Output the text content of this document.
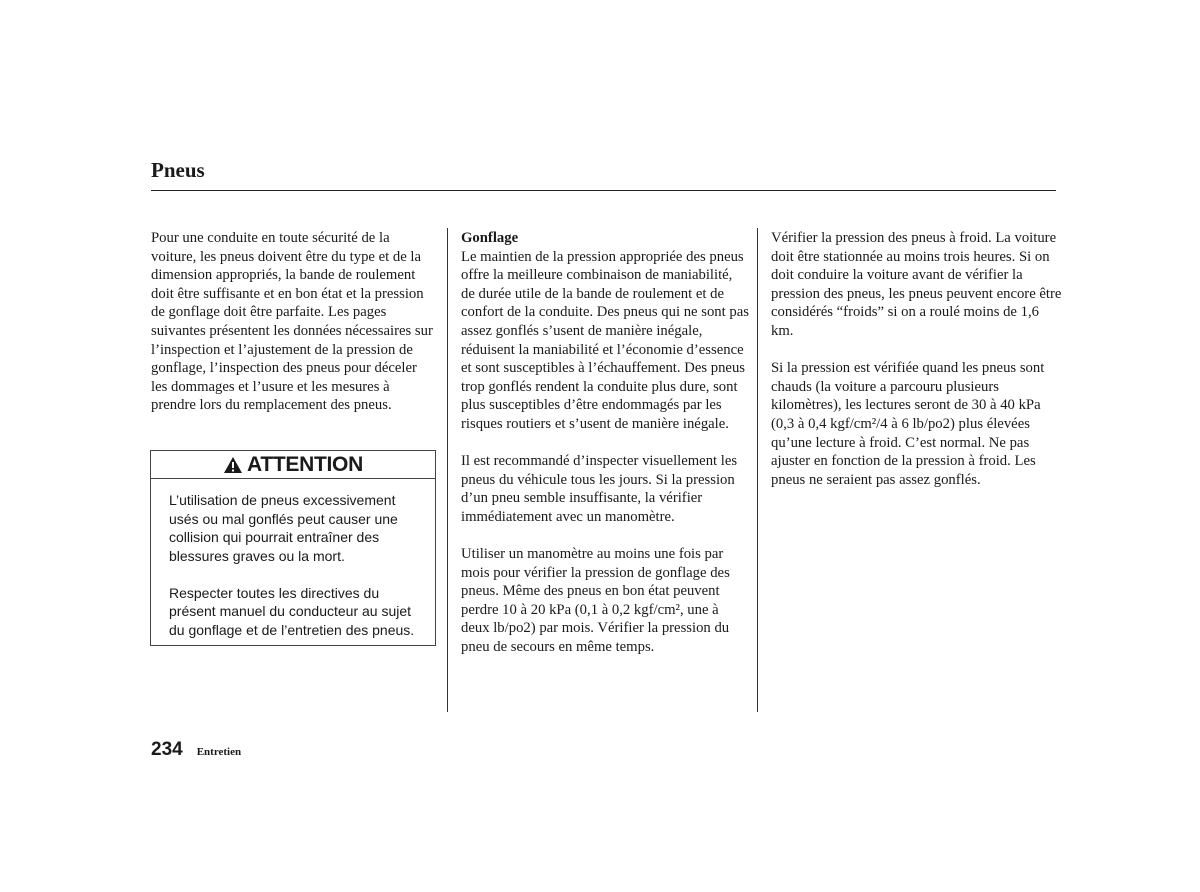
Pneus

Pour une conduite en toute sécurité de la voiture, les pneus doivent être du type et de la dimension appropriés, la bande de roulement doit être suffisante et en bon état et la pression de gonflage doit être parfaite. Les pages suivantes présentent les données nécessaires sur l’inspection et l’ajustement de la pression de gonflage, l’inspection des pneus pour déceler les dommages et l’usure et les mesures à prendre lors du remplacement des pneus.

ATTENTION

L’utilisation de pneus excessivement usés ou mal gonflés peut causer une collision qui pourrait entraîner des blessures graves ou la mort.

Respecter toutes les directives du présent manuel du conducteur au sujet du gonflage et de l’entretien des pneus.

Gonflage

Le maintien de la pression appropriée des pneus offre la meilleure combinaison de maniabilité, de durée utile de la bande de roulement et de confort de la conduite. Des pneus qui ne sont pas assez gonflés s’usent de manière inégale, réduisent la maniabilité et l’économie d’essence et sont susceptibles à l’échauffement. Des pneus trop gonflés rendent la conduite plus dure, sont plus susceptibles d’être endommagés par les risques routiers et s’usent de manière inégale.

Il est recommandé d’inspecter visuellement les pneus du véhicule tous les jours. Si la pression d’un pneu semble insuffisante, la vérifier immédiatement avec un manomètre.

Utiliser un manomètre au moins une fois par mois pour vérifier la pression de gonflage des pneus. Même des pneus en bon état peuvent perdre 10 à 20 kPa (0,1 à 0,2 kgf/cm², une à deux lb/po2) par mois. Vérifier la pression du pneu de secours en même temps.

Vérifier la pression des pneus à froid. La voiture doit être stationnée au moins trois heures. Si on doit conduire la voiture avant de vérifier la pression des pneus, les pneus peuvent encore être considérés “froids” si on a roulé moins de 1,6 km.

Si la pression est vérifiée quand les pneus sont chauds (la voiture a parcouru plusieurs kilomètres), les lectures seront de 30 à 40 kPa (0,3 à 0,4 kgf/cm²/4 à 6 lb/po2) plus élevées qu’une lecture à froid. C’est normal. Ne pas ajuster en fonction de la pression à froid. Les pneus ne seraient pas assez gonflés.

234 Entretien
